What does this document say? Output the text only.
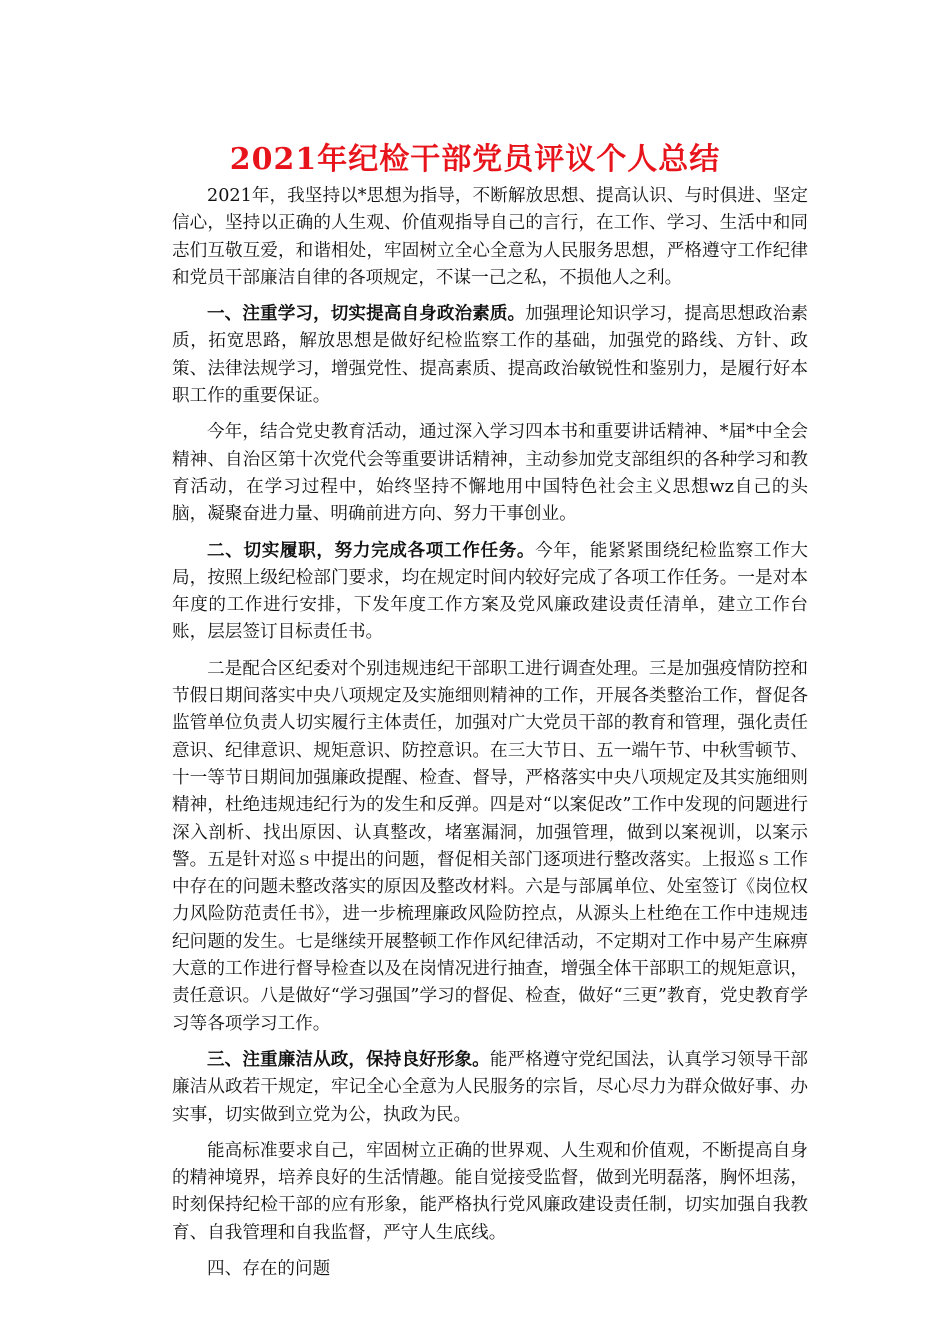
2021年纪检干部党员评议个人总结

2021年，我坚持以*思想为指导，不断解放思想、提高认识、与时俱进、坚定信心，坚持以正确的人生观、价值观指导自己的言行，在工作、学习、生活中和同志们互敬互爱，和谐相处，牢固树立全心全意为人民服务思想，严格遵守工作纪律和党员干部廉洁自律的各项规定，不谋一己之私，不损他人之利。

一、注重学习，切实提高自身政治素质。加强理论知识学习，提高思想政治素质，拓宽思路，解放思想是做好纪检监察工作的基础，加强党的路线、方针、政策、法律法规学习，增强党性、提高素质、提高政治敏锐性和鉴别力，是履行好本职工作的重要保证。

今年，结合党史教育活动，通过深入学习四本书和重要讲话精神、*届*中全会精神、自治区第十次党代会等重要讲话精神，主动参加党支部组织的各种学习和教育活动，在学习过程中，始终坚持不懈地用中国特色社会主义思想wz自己的头脑，凝聚奋进力量、明确前进方向、努力干事创业。

二、切实履职，努力完成各项工作任务。今年，能紧紧围绕纪检监察工作大局，按照上级纪检部门要求，均在规定时间内较好完成了各项工作任务。一是对本年度的工作进行安排，下发年度工作方案及党风廉政建设责任清单，建立工作台账，层层签订目标责任书。

二是配合区纪委对个别违规违纪干部职工进行调查处理。三是加强疫情防控和节假日期间落实中央八项规定及实施细则精神的工作，开展各类整治工作，督促各监管单位负责人切实履行主体责任，加强对广大党员干部的教育和管理，强化责任意识、纪律意识、规矩意识、防控意识。在三大节日、五一端午节、中秋雪顿节、十一等节日期间加强廉政提醒、检查、督导，严格落实中央八项规定及其实施细则精神，杜绝违规违纪行为的发生和反弹。四是对“以案促改”工作中发现的问题进行深入剖析、找出原因、认真整改，堵塞漏洞，加强管理，做到以案视训，以案示警。五是针对巡ｓ中提出的问题，督促相关部门逐项进行整改落实。上报巡ｓ工作中存在的问题未整改落实的原因及整改材料。六是与部属单位、处室签订《岗位权力风险防范责任书》，进一步梳理廉政风险防控点，从源头上杜绝在工作中违规违纪问题的发生。七是继续开展整顿工作作风纪律活动，不定期对工作中易产生麻痹大意的工作进行督导检查以及在岗情况进行抽查，增强全体干部职工的规矩意识，责任意识。八是做好“学习强国”学习的督促、检查，做好“三更”教育，党史教育学习等各项学习工作。

三、注重廉洁从政，保持良好形象。能严格遵守党纪国法，认真学习领导干部廉洁从政若干规定，牢记全心全意为人民服务的宗旨，尽心尽力为群众做好事、办实事，切实做到立党为公，执政为民。

能高标准要求自己，牢固树立正确的世界观、人生观和价值观，不断提高自身的精神境界，培养良好的生活情趣。能自觉接受监督，做到光明磊落，胸怀坦荡，时刻保持纪检干部的应有形象，能严格执行党风廉政建设责任制，切实加强自我教育、自我管理和自我监督，严守人生底线。

四、存在的问题
